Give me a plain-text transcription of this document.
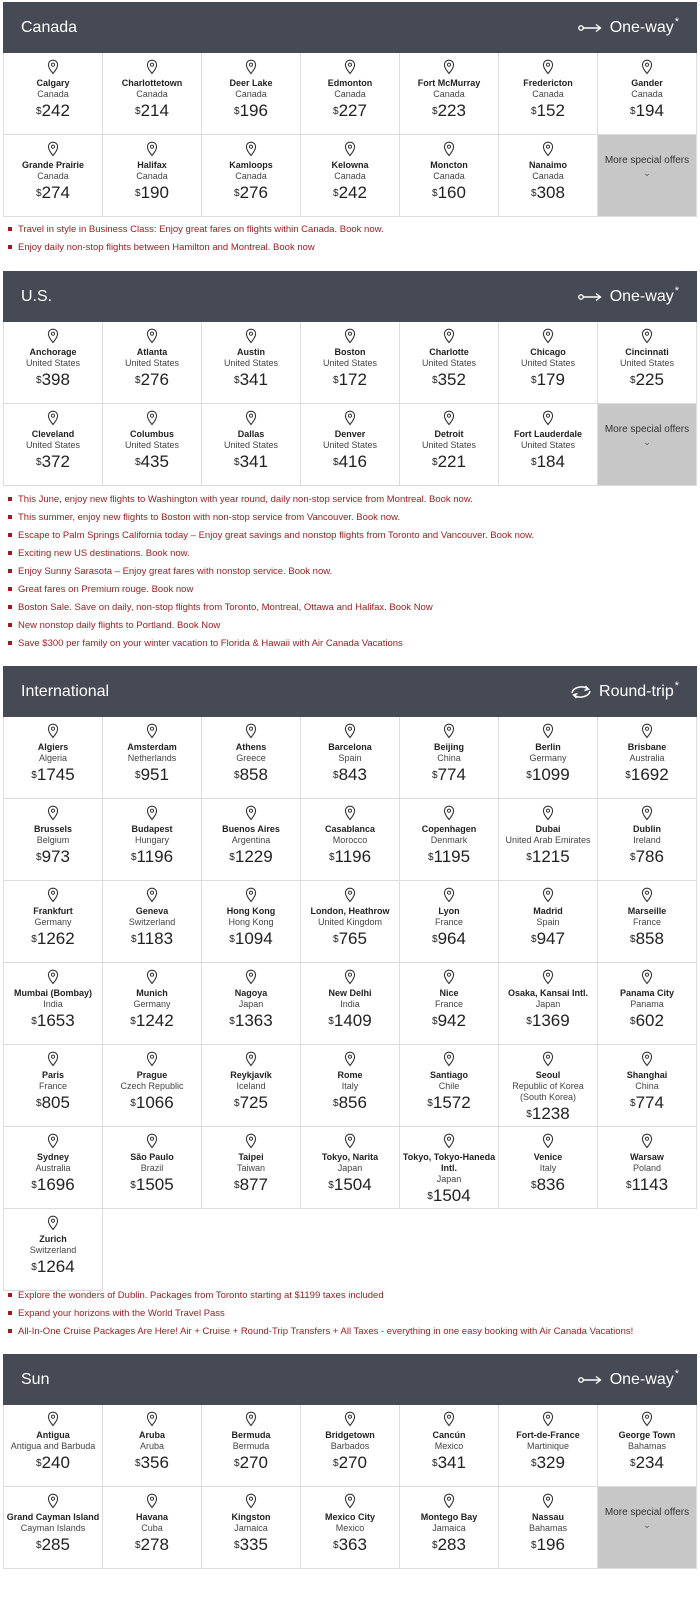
Canada	One-way*
Calgary
Canada
$242
Charlottetown
Canada
$214
Deer Lake
Canada
$196
Edmonton
Canada
$227
Fort McMurray
Canada
$223
Fredericton
Canada
$152
Gander
Canada
$194
Grande Prairie
Canada
$274
Halifax
Canada
$190
Kamloops
Canada
$276
Kelowna
Canada
$242
Moncton
Canada
$160
Nanaimo
Canada
$308
More special offers
⌄
Travel in style in Business Class: Enjoy great fares on flights within Canada. Book now.
Enjoy daily non-stop flights between Hamilton and Montreal. Book now
U.S.	One-way*
Anchorage
United States
$398
Atlanta
United States
$276
Austin
United States
$341
Boston
United States
$172
Charlotte
United States
$352
Chicago
United States
$179
Cincinnati
United States
$225
Cleveland
United States
$372
Columbus
United States
$435
Dallas
United States
$341
Denver
United States
$416
Detroit
United States
$221
Fort Lauderdale
United States
$184
More special offers
⌄
This June, enjoy new flights to Washington with year round, daily non-stop service from Montreal. Book now.
This summer, enjoy new flights to Boston with non-stop service from Vancouver. Book now.
Escape to Palm Springs California today – Enjoy great savings and nonstop flights from Toronto and Vancouver. Book now.
Exciting new US destinations. Book now.
Enjoy Sunny Sarasota – Enjoy great fares with nonstop service. Book now.
Great fares on Premium rouge. Book now
Boston Sale. Save on daily, non-stop flights from Toronto, Montreal, Ottawa and Halifax. Book Now
New nonstop daily flights to Portland. Book Now
Save $300 per family on your winter vacation to Florida & Hawaii with Air Canada Vacations
International	Round-trip*
Algiers
Algeria
$1745
Amsterdam
Netherlands
$951
Athens
Greece
$858
Barcelona
Spain
$843
Beijing
China
$774
Berlin
Germany
$1099
Brisbane
Australia
$1692
Brussels
Belgium
$973
Budapest
Hungary
$1196
Buenos Aires
Argentina
$1229
Casablanca
Morocco
$1196
Copenhagen
Denmark
$1195
Dubai
United Arab Emirates
$1215
Dublin
Ireland
$786
Frankfurt
Germany
$1262
Geneva
Switzerland
$1183
Hong Kong
Hong Kong
$1094
London, Heathrow
United Kingdom
$765
Lyon
France
$964
Madrid
Spain
$947
Marseille
France
$858
Mumbai (Bombay)
India
$1653
Munich
Germany
$1242
Nagoya
Japan
$1363
New Delhi
India
$1409
Nice
France
$942
Osaka, Kansai Intl.
Japan
$1369
Panama City
Panama
$602
Paris
France
$805
Prague
Czech Republic
$1066
Reykjavík
Iceland
$725
Rome
Italy
$856
Santiago
Chile
$1572
Seoul
Republic of Korea (South Korea)
$1238
Shanghai
China
$774
Sydney
Australia
$1696
São Paulo
Brazil
$1505
Taipei
Taiwan
$877
Tokyo, Narita
Japan
$1504
Tokyo, Tokyo-Haneda Intl.
Japan
$1504
Venice
Italy
$836
Warsaw
Poland
$1143
Zurich
Switzerland
$1264
Explore the wonders of Dublin. Packages from Toronto starting at $1199 taxes included
Expand your horizons with the World Travel Pass
All-In-One Cruise Packages Are Here! Air + Cruise + Round-Trip Transfers + All Taxes - everything in one easy booking with Air Canada Vacations!
Sun	One-way*
Antigua
Antigua and Barbuda
$240
Aruba
Aruba
$356
Bermuda
Bermuda
$270
Bridgetown
Barbados
$270
Cancún
Mexico
$341
Fort-de-France
Martinique
$329
George Town
Bahamas
$234
Grand Cayman Island
Cayman Islands
$285
Havana
Cuba
$278
Kingston
Jamaica
$335
Mexico City
Mexico
$363
Montego Bay
Jamaica
$283
Nassau
Bahamas
$196
More special offers
⌄
